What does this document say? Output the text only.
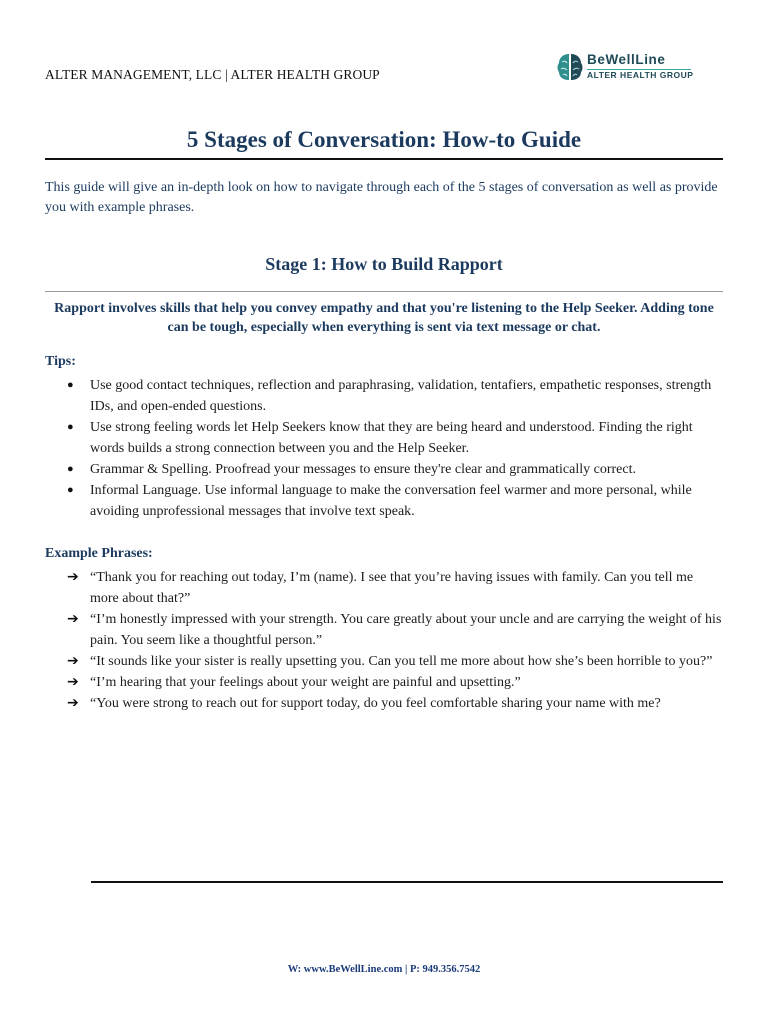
ALTER MANAGEMENT, LLC | ALTER HEALTH GROUP
BeWellLine
ALTER HEALTH GROUP
5 Stages of Conversation: How-to Guide
This guide will give an in-depth look on how to navigate through each of the 5 stages of conversation as well as provide you with example phrases.
Stage 1: How to Build Rapport
Rapport involves skills that help you convey empathy and that you're listening to the Help Seeker. Adding tone can be tough, especially when everything is sent via text message or chat.
Tips:
● Use good contact techniques, reflection and paraphrasing, validation, tentafiers, empathetic responses, strength IDs, and open-ended questions.
● Use strong feeling words let Help Seekers know that they are being heard and understood. Finding the right words builds a strong connection between you and the Help Seeker.
● Grammar & Spelling. Proofread your messages to ensure they're clear and grammatically correct.
● Informal Language. Use informal language to make the conversation feel warmer and more personal, while avoiding unprofessional messages that involve text speak.
Example Phrases:
➔ “Thank you for reaching out today, I’m (name). I see that you’re having issues with family. Can you tell me more about that?”
➔ “I’m honestly impressed with your strength. You care greatly about your uncle and are carrying the weight of his pain. You seem like a thoughtful person.”
➔ “It sounds like your sister is really upsetting you. Can you tell me more about how she’s been horrible to you?”
➔ “I’m hearing that your feelings about your weight are painful and upsetting.”
➔ “You were strong to reach out for support today, do you feel comfortable sharing your name with me?
W: www.BeWellLine.com | P: 949.356.7542
